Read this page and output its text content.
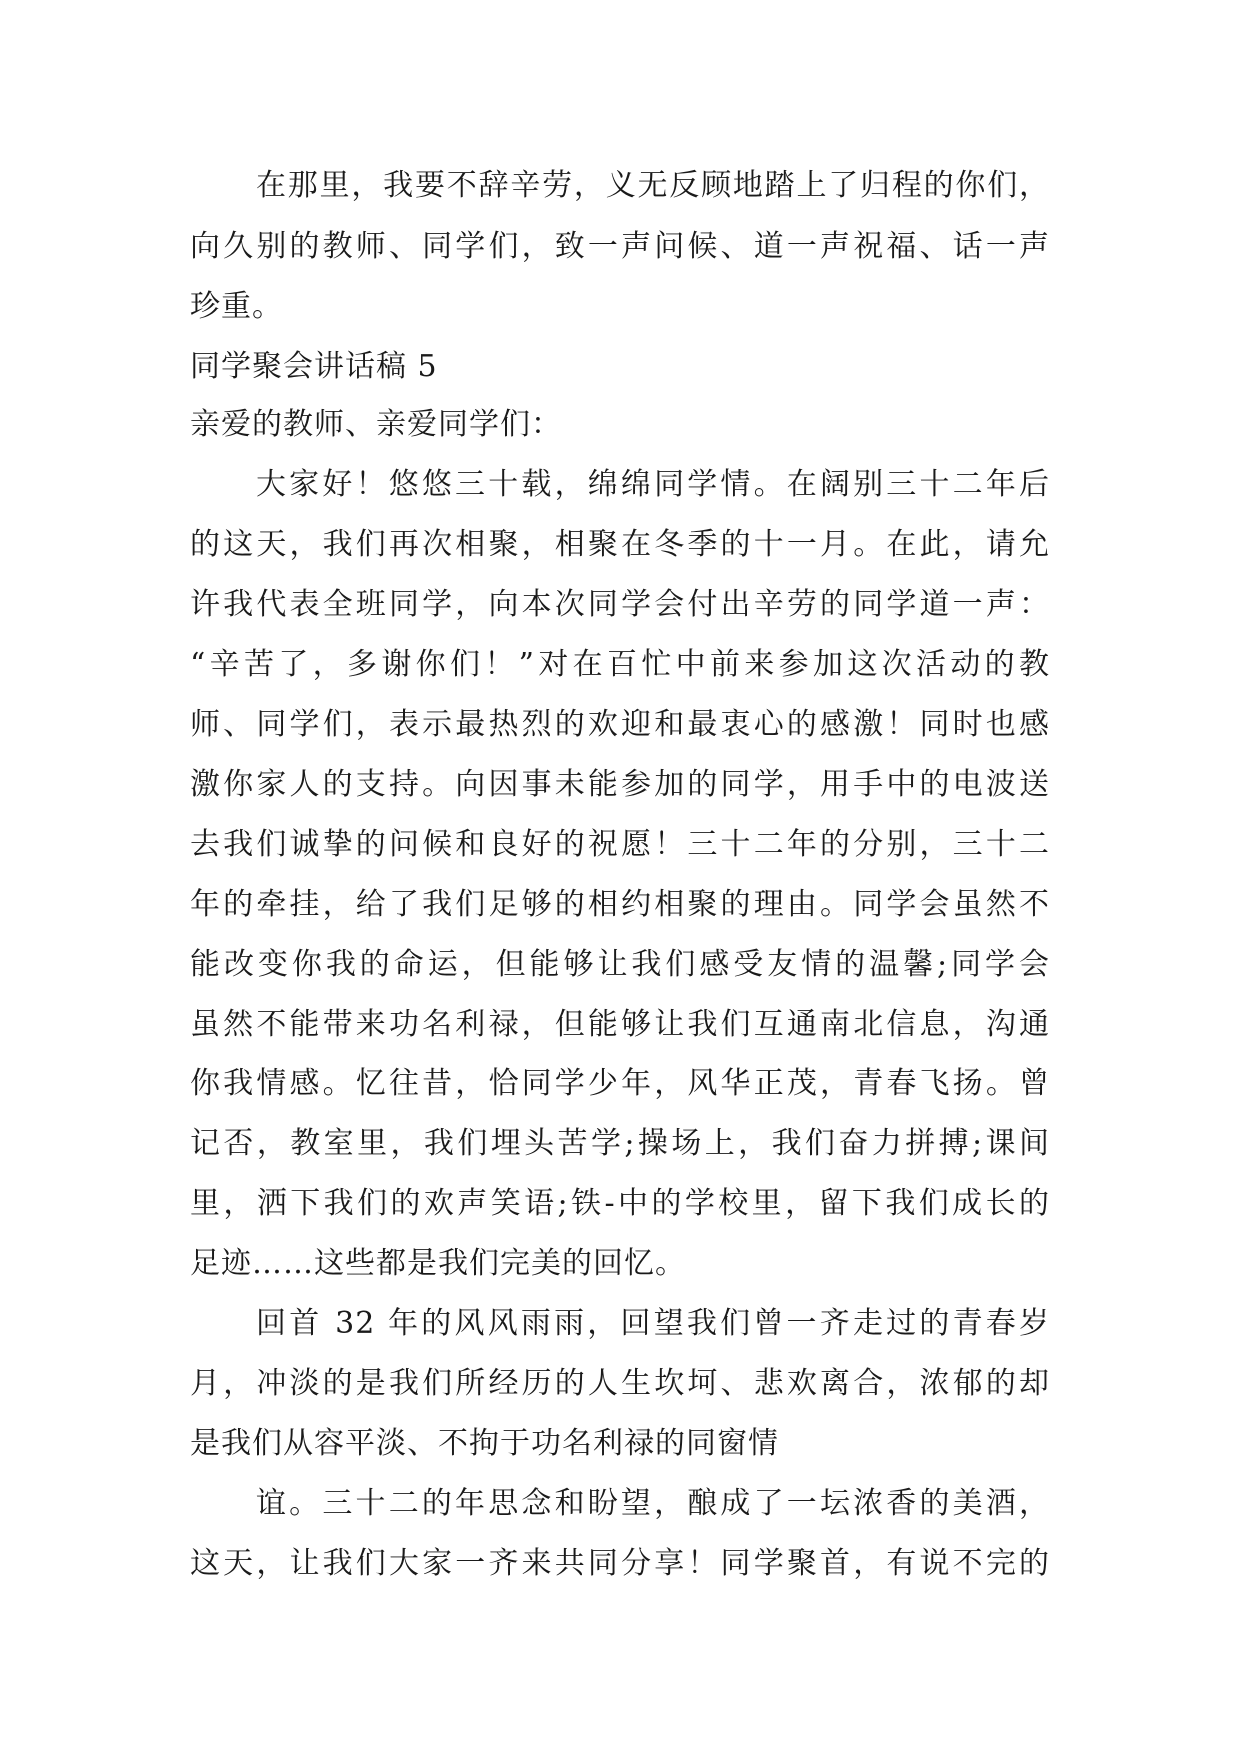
在那里，我要不辞辛劳，义无反顾地踏上了归程的你们，
向久别的教师、同学们，致一声问候、道一声祝福、话一声
珍重。
同学聚会讲话稿 5
亲爱的教师、亲爱同学们：
大家好！悠悠三十载，绵绵同学情。在阔别三十二年后
的这天，我们再次相聚，相聚在冬季的十一月。在此，请允
许我代表全班同学，向本次同学会付出辛劳的同学道一声：
“辛苦了，多谢你们！”对在百忙中前来参加这次活动的教
师、同学们，表示最热烈的欢迎和最衷心的感激！同时也感
激你家人的支持。向因事未能参加的同学，用手中的电波送
去我们诚挚的问候和良好的祝愿！三十二年的分别，三十二
年的牵挂，给了我们足够的相约相聚的理由。同学会虽然不
能改变你我的命运，但能够让我们感受友情的温馨;同学会
虽然不能带来功名利禄，但能够让我们互通南北信息，沟通
你我情感。忆往昔，恰同学少年，风华正茂，青春飞扬。曾
记否，教室里，我们埋头苦学;操场上，我们奋力拼搏;课间
里，洒下我们的欢声笑语;铁-中的学校里，留下我们成长的
足迹……这些都是我们完美的回忆。
回首 32 年的风风雨雨，回望我们曾一齐走过的青春岁
月，冲淡的是我们所经历的人生坎坷、悲欢离合，浓郁的却
是我们从容平淡、不拘于功名利禄的同窗情
谊。三十二的年思念和盼望，酿成了一坛浓香的美酒，
这天，让我们大家一齐来共同分享！同学聚首，有说不完的
